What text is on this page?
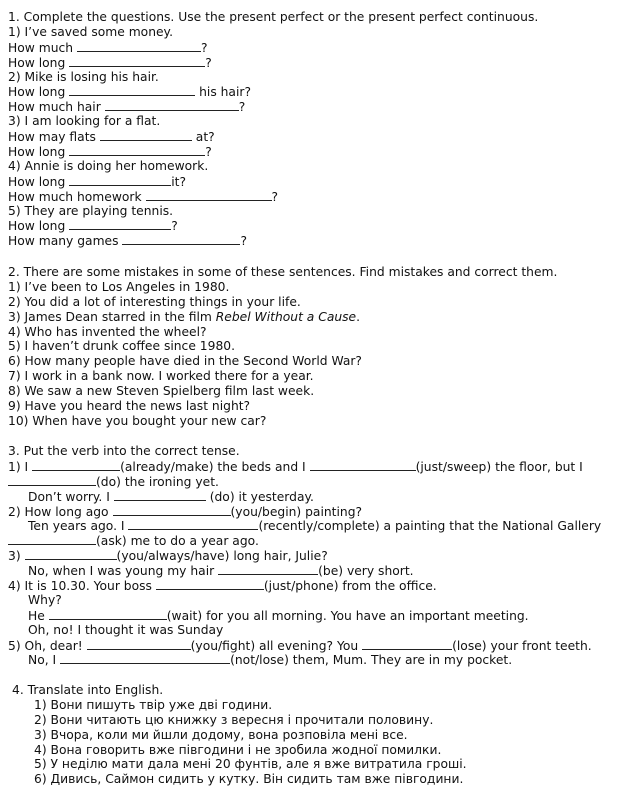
1. Complete the questions. Use the present perfect or the present perfect continuous.
1) I’ve saved some money.
How much	?
How long	?
2) Mike is losing his hair.
How long	his hair?
How much hair	?
3) I am looking for a flat.
How may flats	at?
How long	?
4) Annie is doing her homework.
How long	it?
How much homework	?
5) They are playing tennis.
How long	?
How many games	?
2. There are some mistakes in some of these sentences. Find mistakes and correct them.
1) I’ve been to Los Angeles in 1980.
2) You did a lot of interesting things in your life.
3) James Dean starred in the film Rebel Without a Cause.
4) Who has invented the wheel?
5) I haven’t drunk coffee since 1980.
6) How many people have died in the Second World War?
7) I work in a bank now. I worked there for a year.
8) We saw a new Steven Spielberg film last week.
9) Have you heard the news last night?
10) When have you bought your new car?
3. Put the verb into the correct tense.
1) I	(already/make) the beds and I	(just/sweep) the floor, but I
(do) the ironing yet.
Don’t worry. I	(do) it yesterday.
2) How long ago	(you/begin) painting?
Ten years ago. I	(recently/complete) a painting that the National Gallery
(ask) me to do a year ago.
3)	(you/always/have) long hair, Julie?
No, when I was young my hair	(be) very short.
4) It is 10.30. Your boss	(just/phone) from the office.
Why?
He	(wait) for you all morning. You have an important meeting.
Oh, no! I thought it was Sunday
5) Oh, dear!	(you/fight) all evening? You	(lose) your front teeth.
No, I	(not/lose) them, Mum. They are in my pocket.
4. Translate into English.
1) Вони пишуть твір уже дві години.
2) Вони читають цю книжку з вересня і прочитали половину.
3) Вчора, коли ми йшли додому, вона розповіла мені все.
4) Вона говорить вже півгодини і не зробила жодної помилки.
5) У неділю мати дала мені 20 фунтів, але я вже витратила гроші.
6) Дивись, Саймон сидить у кутку. Він сидить там вже півгодини.
